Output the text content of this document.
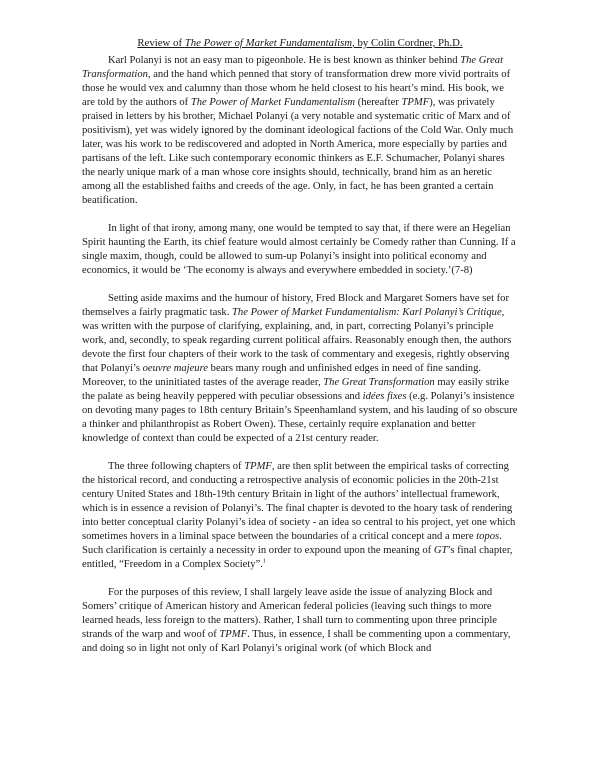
Review of The Power of Market Fundamentalism, by Colin Cordner, Ph.D.

Karl Polanyi is not an easy man to pigeonhole. He is best known as thinker behind The Great Transformation, and the hand which penned that story of transformation drew more vivid portraits of those he would vex and calumny than those whom he held closest to his heart’s mind. His book, we are told by the authors of The Power of Market Fundamentalism (hereafter TPMF), was privately praised in letters by his brother, Michael Polanyi (a very notable and systematic critic of Marx and of positivism), yet was widely ignored by the dominant ideological factions of the Cold War. Only much later, was his work to be rediscovered and adopted in North America, more especially by parties and partisans of the left. Like such contemporary economic thinkers as E.F. Schumacher, Polanyi shares the nearly unique mark of a man whose core insights should, technically, brand him as an heretic among all the established faiths and creeds of the age. Only, in fact, he has been granted a certain beatification.

In light of that irony, among many, one would be tempted to say that, if there were an Hegelian Spirit haunting the Earth, its chief feature would almost certainly be Comedy rather than Cunning. If a single maxim, though, could be allowed to sum-up Polanyi’s insight into political economy and economics, it would be ‘The economy is always and everywhere embedded in society.’(7-8)

Setting aside maxims and the humour of history, Fred Block and Margaret Somers have set for themselves a fairly pragmatic task. The Power of Market Fundamentalism: Karl Polanyi’s Critique, was written with the purpose of clarifying, explaining, and, in part, correcting Polanyi’s principle work, and, secondly, to speak regarding current political affairs. Reasonably enough then, the authors devote the first four chapters of their work to the task of commentary and exegesis, rightly observing that Polanyi’s oeuvre majeure bears many rough and unfinished edges in need of fine sanding. Moreover, to the uninitiated tastes of the average reader, The Great Transformation may easily strike the palate as being heavily peppered with peculiar obsessions and idées fixes (e.g. Polanyi’s insistence on devoting many pages to 18th century Britain’s Speenhamland system, and his lauding of so obscure a thinker and philanthropist as Robert Owen). These, certainly require explanation and better knowledge of context than could be expected of a 21st century reader.

The three following chapters of TPMF, are then split between the empirical tasks of correcting the historical record, and conducting a retrospective analysis of economic policies in the 20th-21st century United States and 18th-19th century Britain in light of the authors’ intellectual framework, which is in essence a revision of Polanyi’s. The final chapter is devoted to the hoary task of rendering into better conceptual clarity Polanyi’s idea of society - an idea so central to his project, yet one which sometimes hovers in a liminal space between the boundaries of a critical concept and a mere topos. Such clarification is certainly a necessity in order to expound upon the meaning of GT’s final chapter, entitled, “Freedom in a Complex Society”.$^1$

For the purposes of this review, I shall largely leave aside the issue of analyzing Block and Somers’ critique of American history and American federal policies (leaving such things to more learned heads, less foreign to the matters). Rather, I shall turn to commenting upon three principle strands of the warp and woof of TPMF. Thus, in essence, I shall be commenting upon a commentary, and doing so in light not only of Karl Polanyi’s original work (of which Block and
